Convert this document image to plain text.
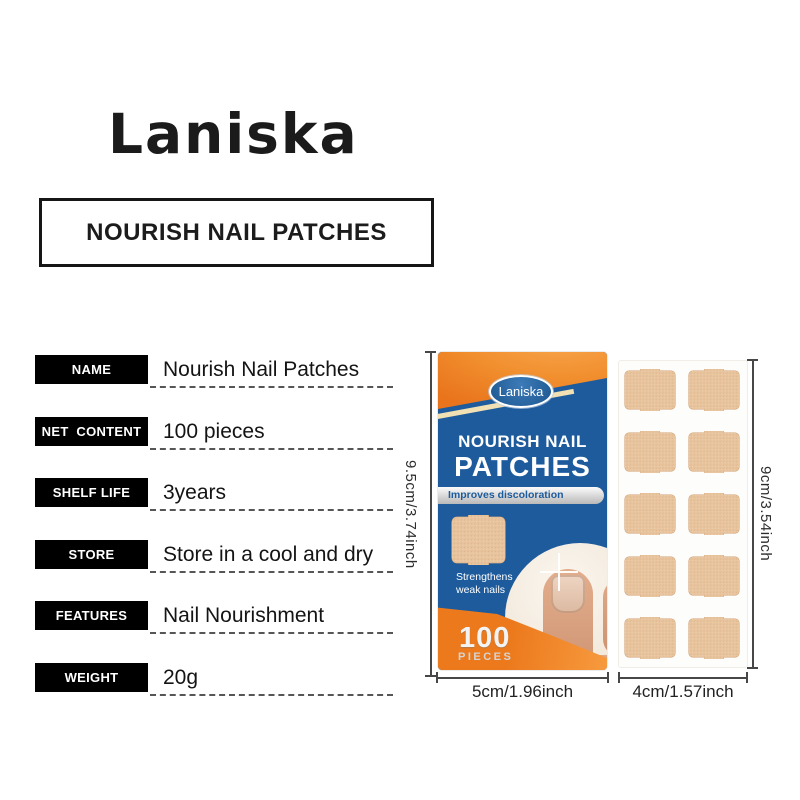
Laniska
NOURISH NAIL PATCHES
NAME	Nourish Nail Patches
NET  CONTENT	100 pieces
SHELF LIFE	3years
STORE	Store in a cool and dry
FEATURES	Nail Nourishment
WEIGHT	20g
Laniska
NOURISH NAIL
PATCHES
Improves discoloration
Strengthens
weak nails
100
PIECES
9.5cm/3.74inch
5cm/1.96inch
9cm/3.54inch
4cm/1.57inch
